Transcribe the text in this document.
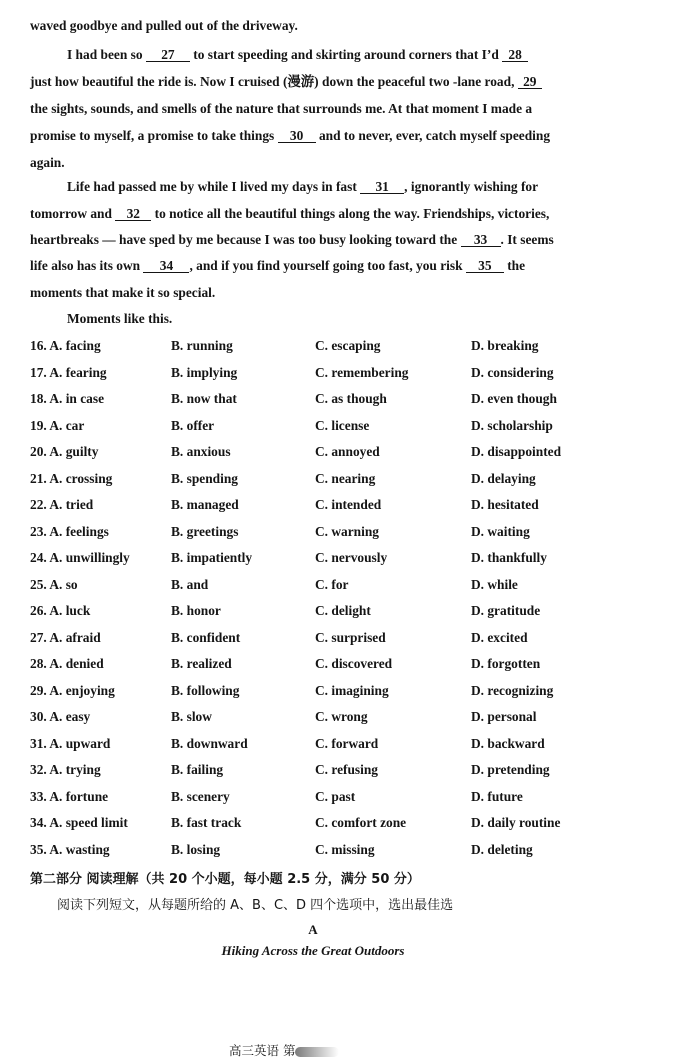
waved goodbye and pulled out of the driveway.
I had been so 27 to start speeding and skirting around corners that I’d 28
just how beautiful the ride is. Now I cruised (漫游) down the peaceful two -lane road, 29
the sights, sounds, and smells of the nature that surrounds me. At that moment I made a
promise to myself, a promise to take things 30 and to never, ever, catch myself speeding
again.
Life had passed me by while I lived my days in fast 31 , ignorantly wishing for
tomorrow and 32 to notice all the beautiful things along the way. Friendships, victories,
heartbreaks — have sped by me because I was too busy looking toward the 33 . It seems
life also has its own 34 , and if you find yourself going too fast, you risk 35 the
moments that make it so special.
Moments like this.
16. A. facing	B. running	C. escaping	D. breaking
17. A. fearing	B. implying	C. remembering	D. considering
18. A. in case	B. now that	C. as though	D. even though
19. A. car	B. offer	C. license	D. scholarship
20. A. guilty	B. anxious	C. annoyed	D. disappointed
21. A. crossing	B. spending	C. nearing	D. delaying
22. A. tried	B. managed	C. intended	D. hesitated
23. A. feelings	B. greetings	C. warning	D. waiting
24. A. unwillingly	B. impatiently	C. nervously	D. thankfully
25. A. so	B. and	C. for	D. while
26. A. luck	B. honor	C. delight	D. gratitude
27. A. afraid	B. confident	C. surprised	D. excited
28. A. denied	B. realized	C. discovered	D. forgotten
29. A. enjoying	B. following	C. imagining	D. recognizing
30. A. easy	B. slow	C. wrong	D. personal
31. A. upward	B. downward	C. forward	D. backward
32. A. trying	B. failing	C. refusing	D. pretending
33. A. fortune	B. scenery	C. past	D. future
34. A. speed limit	B. fast track	C. comfort zone	D. daily routine
35. A. wasting	B. losing	C. missing	D. deleting
第二部分 阅读理解（共 20 个小题，每小题 2.5 分，满分 50 分）
阅读下列短文，从每题所给的 A、B、C、D 四个选项中，选出最佳选
A
Hiking Across the Great Outdoors
高三英语 第
